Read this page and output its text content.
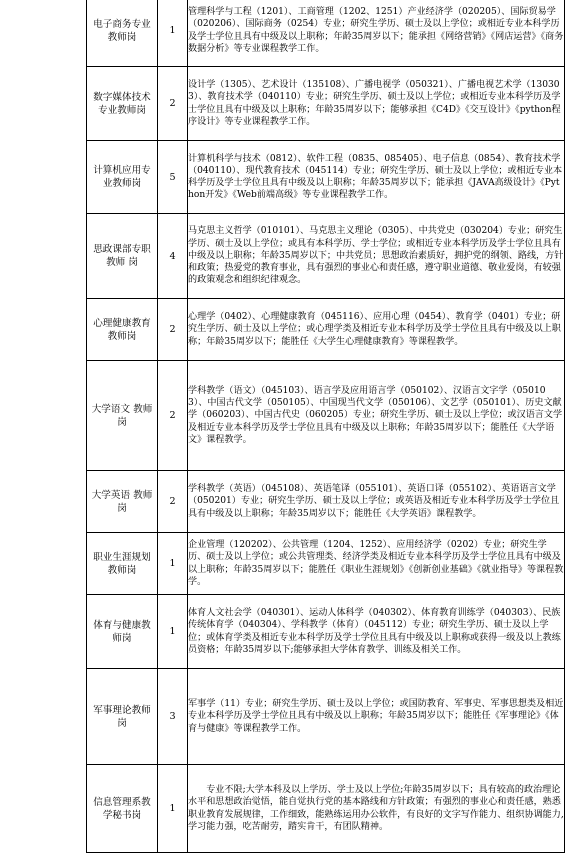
电子商务专业 教师岗	1	管理科学与工程（1201）、工商管理（1202、1251）产业经济学（020205）、国际贸易学（020206）、国际商务（0254）专业；研究生学历、硕士及以上学位；或相近专业本科学历及学士学位且具有中级及以上职称；年龄35周岁以下；能承担《网络营销》《网店运营》《商务数据分析》等专业课程教学工作。
数字媒体技术 专业教师岗	2	设计学（1305）、艺术设计（135108）、广播电视学（050321）、广播电视艺术学（130303）、教育技术学（040110）专业；研究生学历、硕士及以上学位；或相近专业本科学历及学士学位且具有中级及以上职称；年龄35周岁以下；能够承担《C4D》《交互设计》《python程序设计》等专业课程教学工作。
计算机应用专 业教师岗	5	计算机科学与技术（0812）、软件工程（0835、085405）、电子信息（0854）、教育技术学（040110）、现代教育技术（045114）专业；研究生学历、硕士及以上学位；或相近专业本科学历及学士学位且具有中级及以上职称；年龄35周岁以下；能承担《JAVA高级设计》《Python开发》《Web前端高级》等专业课程教学工作。
思政课部专职 教师 岗	4	马克思主义哲学（010101）、马克思主义理论（0305）、中共党史（030204）专业；研究生学历、硕士及以上学位；或具有本科学历、学士学位；或相近专业本科学历及学士学位且具有中级及以上职称；年龄35周岁以下；中共党员；思想政治素质好，拥护党的纲领、路线，方针和政策；热爱党的教育事业，具有强烈的事业心和责任感，遵守职业道德、敬业爱岗，有较强的政策观念和组织纪律观念。
心理健康教育 教师岗	2	心理学（0402）、心理健康教育（045116）、应用心理（0454）、教育学（0401）专业；研究生学历、硕士及以上学位；或心理学类及相近专业本科学历及学士学位且具有中级及以上职称；年龄35周岁以下；能胜任《大学生心理健康教育》等课程教学。
大学语文 教师岗	2	学科教学（语文）（045103）、语言学及应用语言学（050102）、汉语言文字学（050103）、中国古代文学（050105）、中国现当代文学（050106）、文艺学（050101）、历史文献学（060203）、中国古代史（060205）专业；研究生学历、硕士及以上学位；或汉语言文学及相近专业本科学历及学士学位且具有中级及以上职称；年龄35周岁以下；能胜任《大学语文》课程教学。
大学英语 教师岗	2	学科教学（英语）（045108）、英语笔译（055101）、英语口译（055102）、英语语言文学（050201）专业；研究生学历、硕士及以上学位；或英语及相近专业本科学历及学士学位且具有中级及以上职称；年龄35周岁以下；能胜任《大学英语》课程教学。
职业生涯规划 教师岗	1	企业管理（120202）、公共管理（1204、1252）、应用经济学（0202）专业；研究生学历、硕士及以上学位；或公共管理类、经济学类及相近专业本科学历及学士学位且具有中级及以上职称；年龄35周岁以下；能胜任《职业生涯规划》《创新创业基础》《就业指导》等课程教学。
体育与健康教 师岗	1	体育人文社会学（040301）、运动人体科学（040302）、体育教育训练学（040303）、民族传统体育学（040304）、学科教学（体育）（045112）专业；研究生学历、硕士及以上学位；或体育学类及相近专业本科学历及学士学位且具有中级及以上职称或获得一级及以上教练员资格；年龄35周岁以下;能够承担大学体育教学、训练及相关工作。
军事理论教师 岗	3	军事学（11）专业；研究生学历、硕士及以上学位；或国防教育、军事史、军事思想类及相近专业本科学历及学士学位且具有中级及以上职称；年龄35周岁以下；能胜任《军事理论》《体育与健康》等课程教学工作。
信息管理系教 学秘书岗	1	专业不限;大学本科及以上学历、学士及以上学位;年龄35周岁以下；具有较高的政治理论水平和思想政治觉悟，能自觉执行党的基本路线和方针政策；有强烈的事业心和责任感，熟悉职业教育发展规律，工作细致，能熟练运用办公软件，有良好的文字写作能力、组织协调能力,学习能力强，吃苦耐劳，踏实肯干，有团队精神。
